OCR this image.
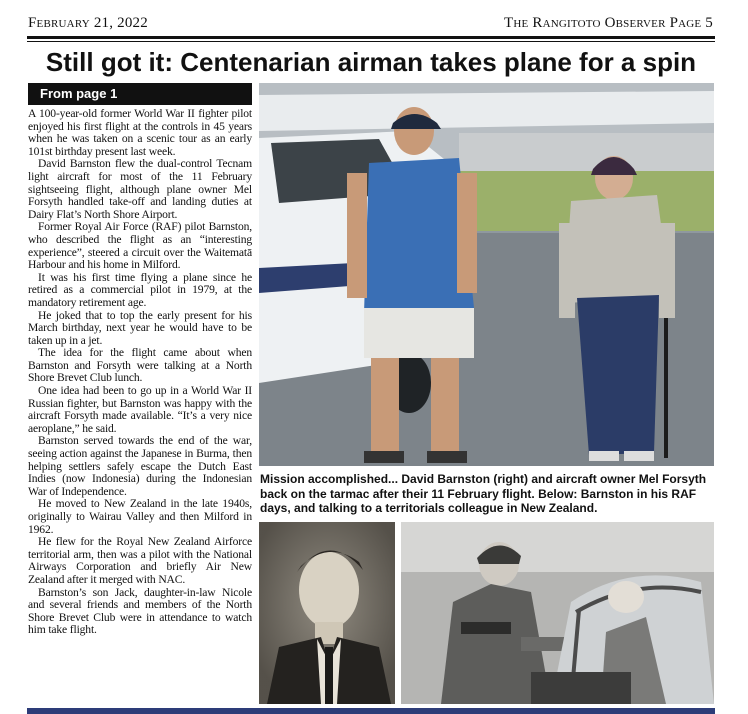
February 21, 2022	The Rangitoto Observer Page 5
Still got it: Centenarian airman takes plane for a spin
From page 1

A 100-year-old former World War II fighter pilot enjoyed his first flight at the controls in 45 years when he was taken on a scenic tour as an early 101st birthday present last week.

David Barnston flew the dual-control Tecnam light aircraft for most of the 11 February sightseeing flight, although plane owner Mel Forsyth handled take-off and landing duties at Dairy Flat’s North Shore Airport.

Former Royal Air Force (RAF) pilot Barnston, who described the flight as an “interesting experience”, steered a circuit over the Waitematā Harbour and his home in Milford.

It was his first time flying a plane since he retired as a commercial pilot in 1979, at the mandatory retirement age.

He joked that to top the early present for his March birthday, next year he would have to be taken up in a jet.

The idea for the flight came about when Barnston and Forsyth were talking at a North Shore Brevet Club lunch.

One idea had been to go up in a World War II Russian fighter, but Barnston was happy with the aircraft Forsyth made available. “It’s a very nice aeroplane,” he said.

Barnston served towards the end of the war, seeing action against the Japanese in Burma, then helping settlers safely escape the Dutch East Indies (now Indonesia) during the Indonesian War of Independence.

He moved to New Zealand in the late 1940s, originally to Wairau Valley and then Milford in 1962.

He flew for the Royal New Zealand Airforce territorial arm, then was a pilot with the National Airways Corporation and briefly Air New Zealand after it merged with NAC.

Barnston’s son Jack, daughter-in-law Nicole and several friends and members of the North Shore Brevet Club were in attendance to watch him take flight.

Mission accomplished... David Barnston (right) and aircraft owner Mel Forsyth back on the tarmac after their 11 February flight. Below: Barnston in his RAF days, and talking to a territorials colleague in New Zealand.
